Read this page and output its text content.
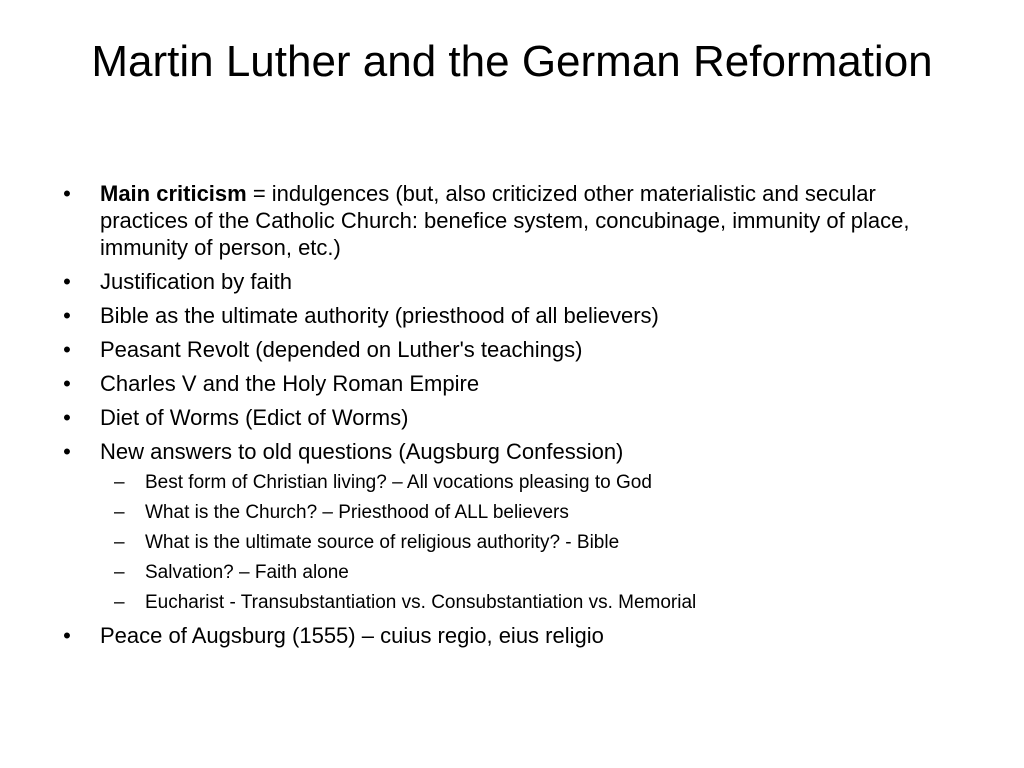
Martin Luther and the German Reformation
• Main criticism = indulgences (but, also criticized other materialistic and secular practices of the Catholic Church: benefice system, concubinage, immunity of place, immunity of person, etc.)
• Justification by faith
• Bible as the ultimate authority (priesthood of all believers)
• Peasant Revolt (depended on Luther's teachings)
• Charles V and the Holy Roman Empire
• Diet of Worms (Edict of Worms)
• New answers to old questions (Augsburg Confession)
– Best form of Christian living? – All vocations pleasing to God
– What is the Church? – Priesthood of ALL believers
– What is the ultimate source of religious authority? - Bible
– Salvation? – Faith alone
– Eucharist - Transubstantiation vs. Consubstantiation vs. Memorial
• Peace of Augsburg (1555) – cuius regio, eius religio
